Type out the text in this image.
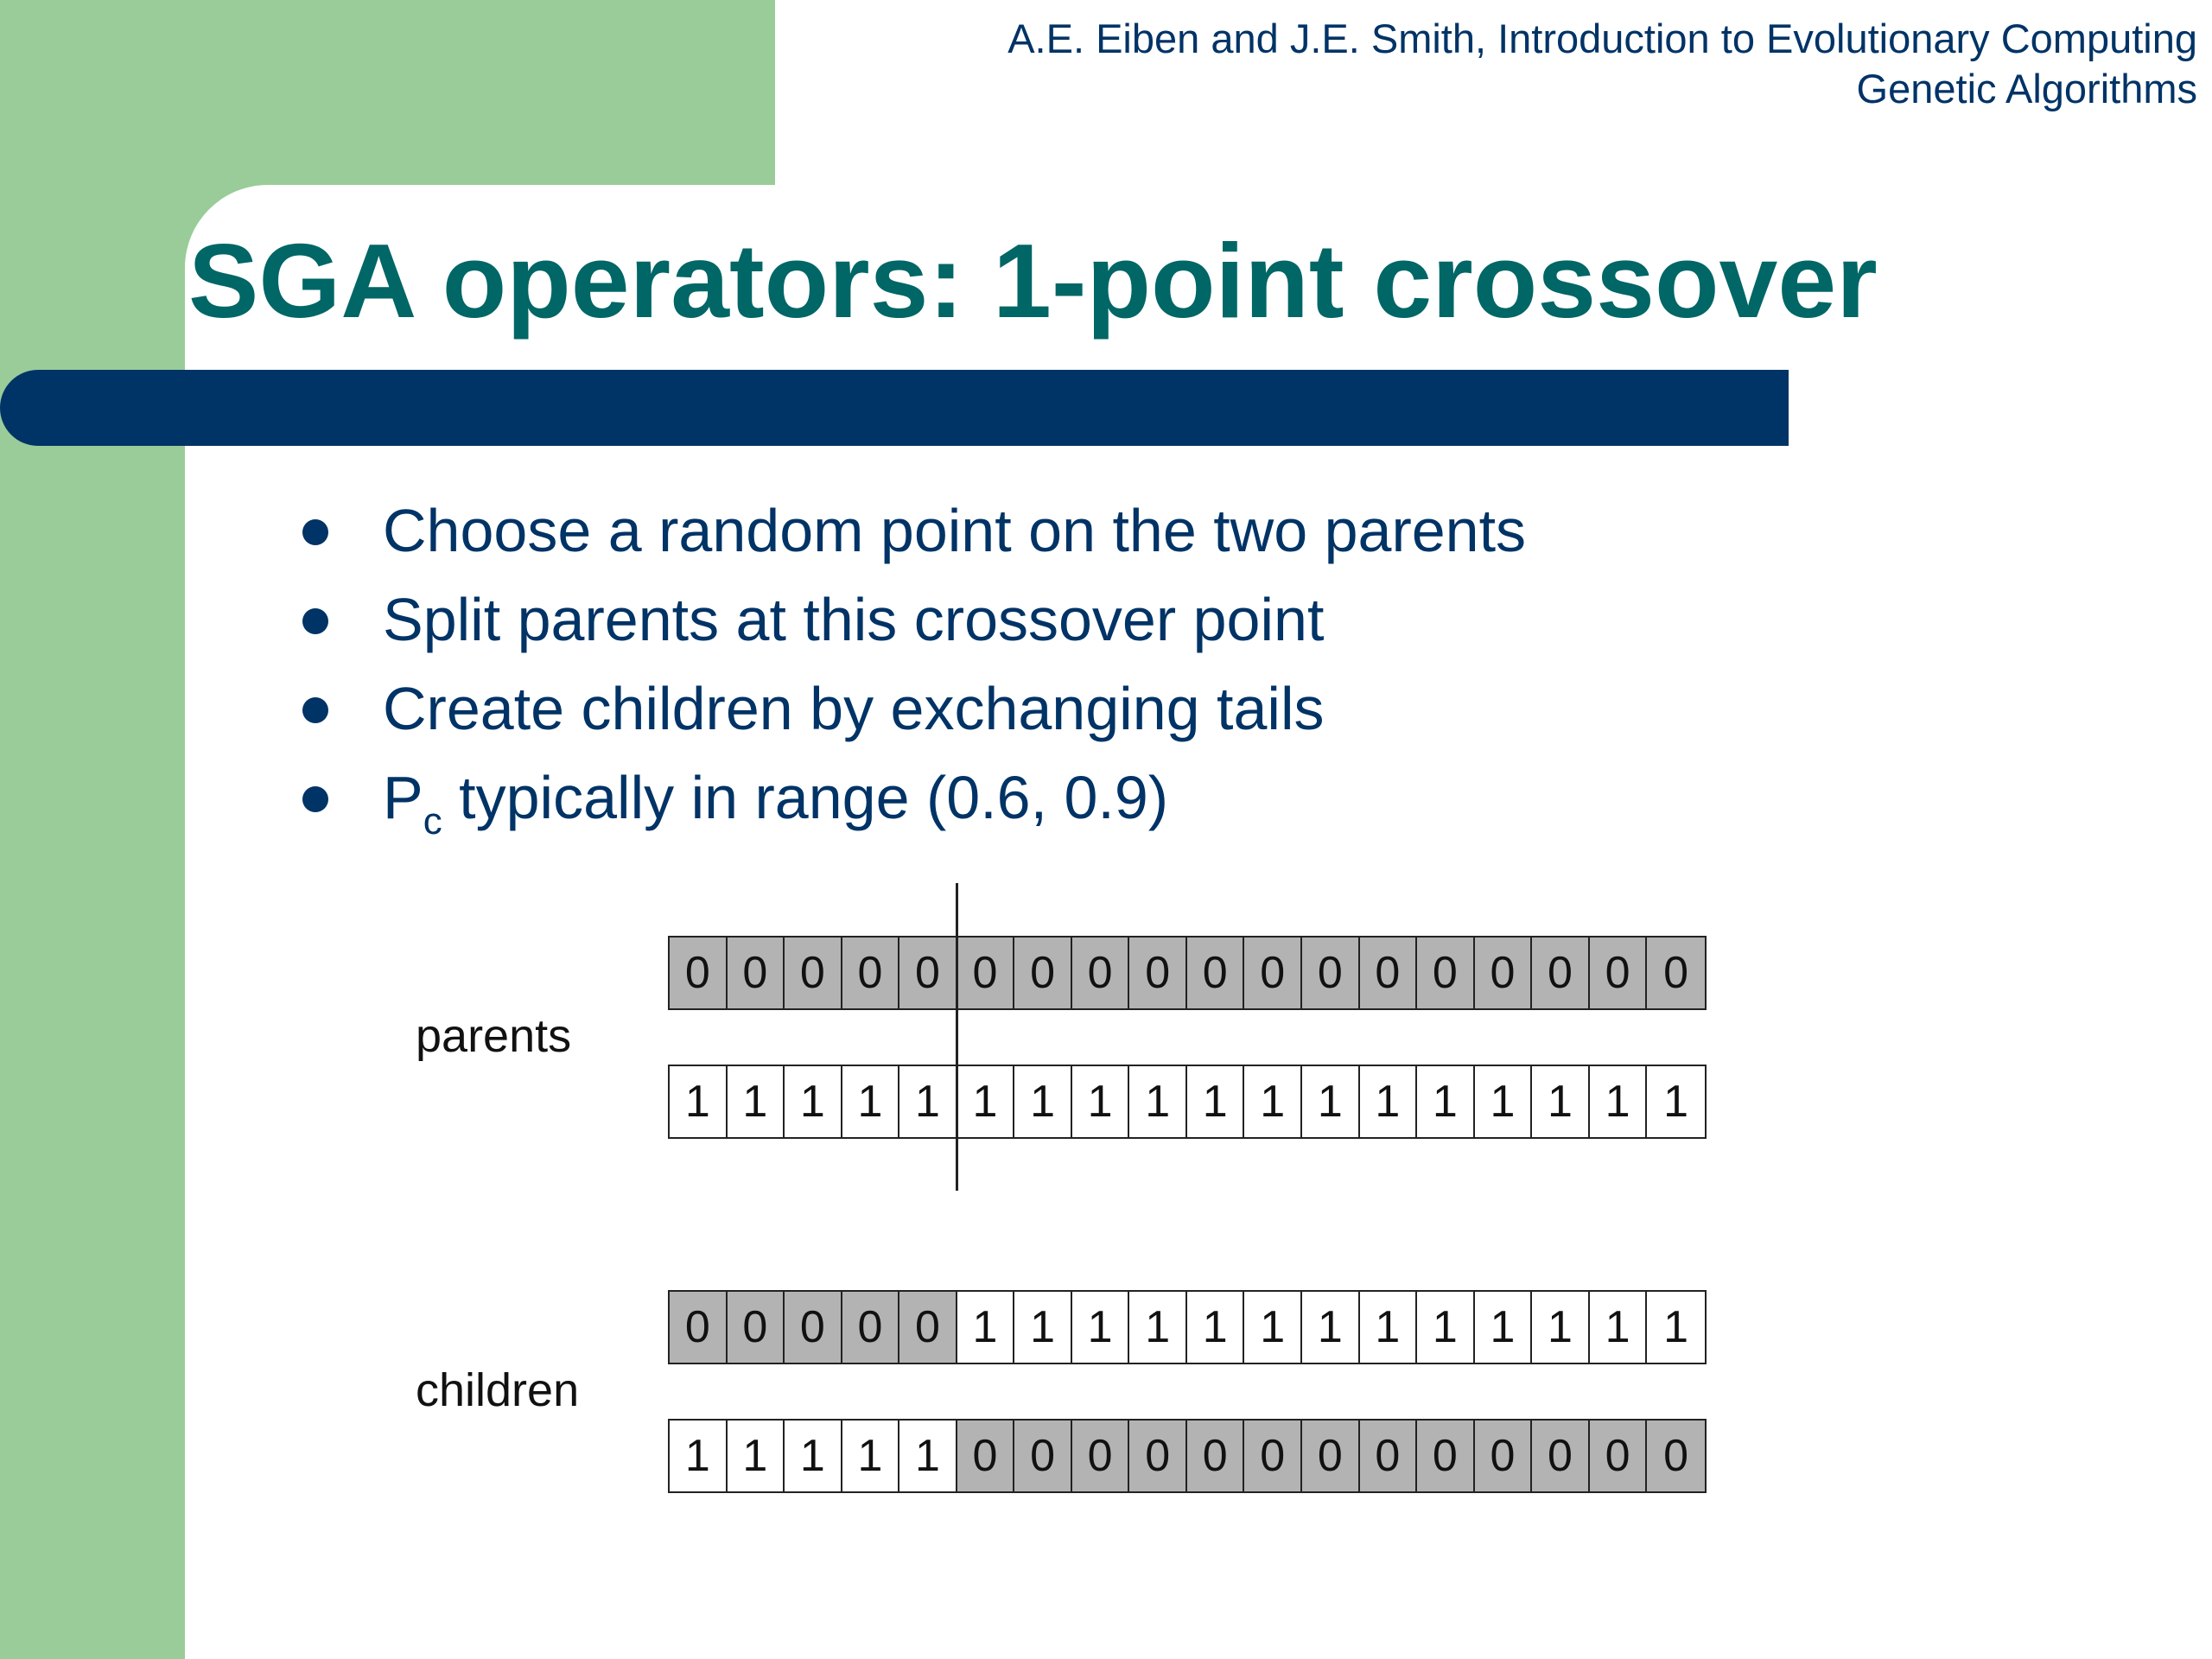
A.E. Eiben and J.E. Smith, Introduction to Evolutionary Computing
Genetic Algorithms
SGA operators: 1-point crossover
Choose a random point on the two parents
Split parents at this crossover point
Create children by exchanging tails
$P_c$ typically in range (0.6, 0.9)
parents
children
0 0 0 0 0 0 0 0 0 0 0 0 0 0 0 0 0 0
1 1 1 1 1 1 1 1 1 1 1 1 1 1 1 1 1 1
0 0 0 0 0 1 1 1 1 1 1 1 1 1 1 1 1 1
1 1 1 1 1 0 0 0 0 0 0 0 0 0 0 0 0 0
